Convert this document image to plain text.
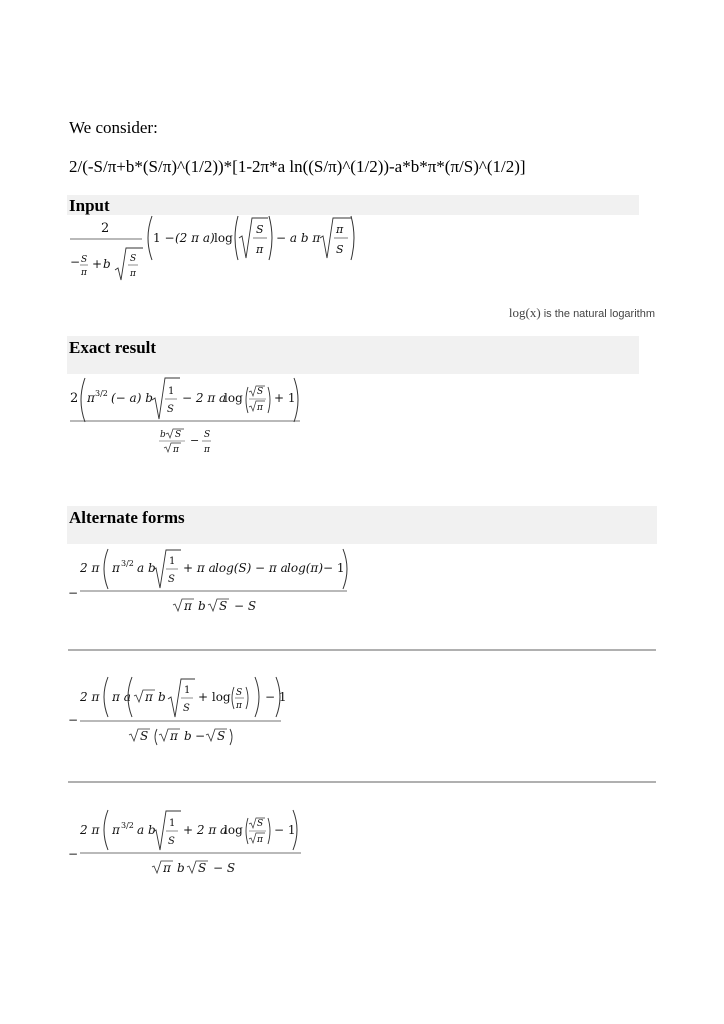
We consider:
2/(-S/π+b*(S/π)^(1/2))*[1-2π*a ln((S/π)^(1/2))-a*b*π*(π/S)^(1/2)]
Input
2
− S
π
+ b S
π
1 − (2 π a) log
S
π
− a b π
π
S
log(x) is the natural logarithm
Exact result
2 π 3/2 (− a) b 1
S
− 2 π a
log S
π
+ 1
b S
π
− S
π
Alternate forms
−
2 π π 3/2 a b 1
S
+ π a log(S) − π a log(π) − 1
π b S − S
−
2 π π a π b 1
S
+ log S
π
− 1
S π b − S
−
2 π π 3/2 a b 1
S
+ 2 π a
log S
π
− 1
π b S − S
